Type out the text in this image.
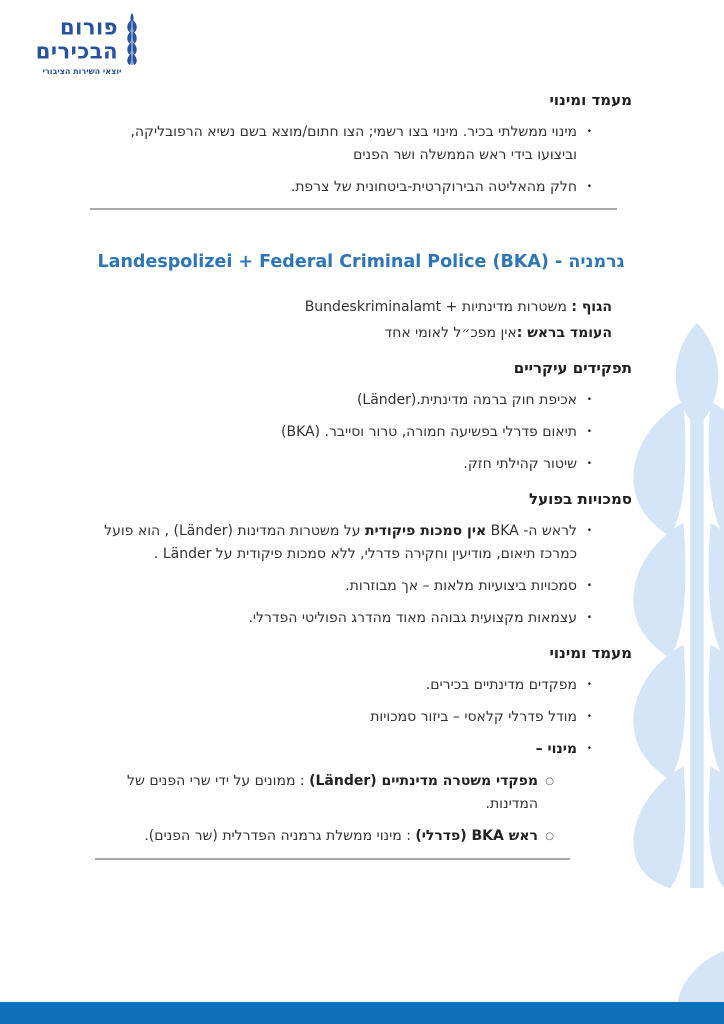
פורום
הבכירים
יוצאי השירות הציבורי
מעמד ומינוי
•
מינוי ממשלתי בכיר. מינוי בצו רשמי; הצו חתום/מוצא בשם נשיא הרפובליקה, וביצועו בידי ראש הממשלה ושר הפנים
•
חלק מהאליטה הבירוקרטית-ביטחונית של צרפת.
גרמניה - Landespolizei + Federal Criminal Police (BKA)

הגוף : משטרות מדינתיות + Bundeskriminalamt

העומד בראש :אין מפכ״ל לאומי אחד

תפקידים עיקריים
•
אכיפת חוק ברמה מדינתית.(Länder)
•
תיאום פדרלי בפשיעה חמורה, טרור וסייבר. (BKA)
•
שיטור קהילתי חזק.
סמכויות בפועל
•
לראש ה- BKA אין סמכות פיקודית על משטרות המדינות (Länder) , הוא פועל כמרכז תיאום, מודיעין וחקירה פדרלי, ללא סמכות פיקודית על Länder .
•
סמכויות ביצועיות מלאות – אך מבוזרות.
•
עצמאות מקצועית גבוהה מאוד מהדרג הפוליטי הפדרלי.
מעמד ומינוי
•
מפקדים מדינתיים בכירים.
•
מודל פדרלי קלאסי – ביזור סמכויות
•
מינוי –
○
מפקדי משטרה מדינתיים (Länder) : ממונים על ידי שרי הפנים של המדינות.
○
ראש BKA (פדרלי) : מינוי ממשלת גרמניה הפדרלית (שר הפנים).
